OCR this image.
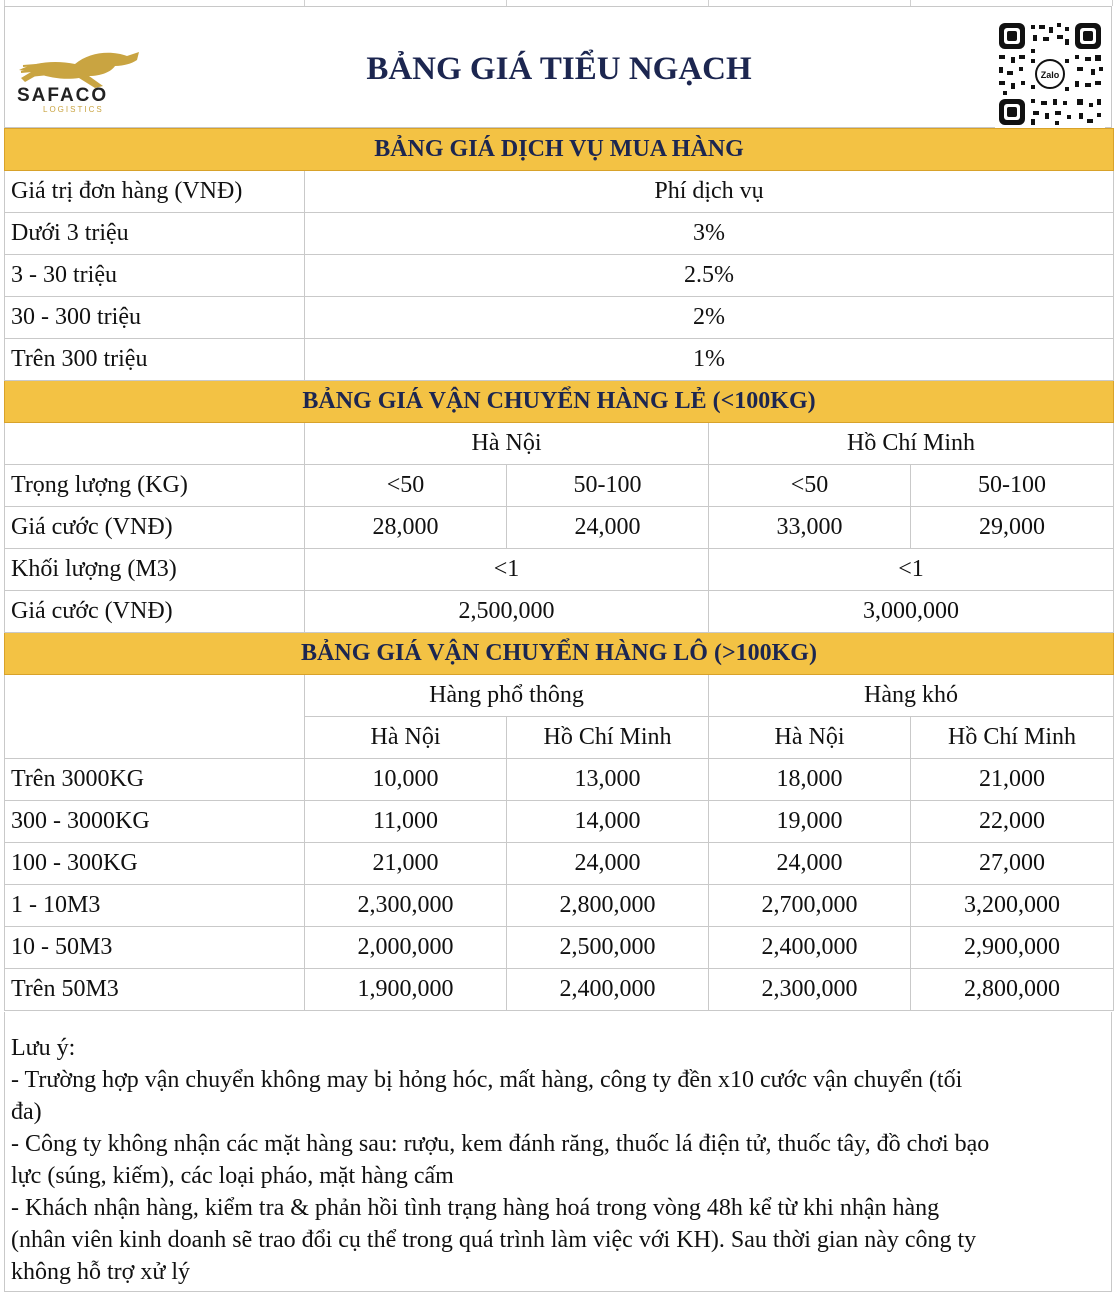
SAFACO
LOGISTICS
BẢNG GIÁ TIỂU NGẠCH	Zalo
BẢNG GIÁ DỊCH VỤ MUA HÀNG				
Giá trị đơn hàng (VNĐ)	Phí dịch vụ			
Dưới 3 triệu	3%			
3 - 30 triệu	2.5%			
30 - 300 triệu	2%			
Trên 300 triệu	1%			
BẢNG GIÁ VẬN CHUYỂN HÀNG LẺ (<100KG)				
	Hà Nội		Hồ Chí Minh	
Trọng lượng (KG)	<50	50-100	<50	50-100
Giá cước (VNĐ)	28,000	24,000	33,000	29,000
Khối lượng (M3)	<1		<1	
Giá cước (VNĐ)	2,500,000		3,000,000	
BẢNG GIÁ VẬN CHUYỂN HÀNG LÔ (>100KG)				
	Hàng phổ thông		Hàng khó	
	Hà Nội	Hồ Chí Minh	Hà Nội	Hồ Chí Minh
Trên 3000KG	10,000	13,000	18,000	21,000
300 - 3000KG	11,000	14,000	19,000	22,000
100 - 300KG	21,000	24,000	24,000	27,000
1 - 10M3	2,300,000	2,800,000	2,700,000	3,200,000
10 - 50M3	2,000,000	2,500,000	2,400,000	2,900,000
Trên 50M3	1,900,000	2,400,000	2,300,000	2,800,000
Lưu ý:
- Trường hợp vận chuyển không may bị hỏng hóc, mất hàng, công ty đền x10 cước vận chuyển (tối
đa)
- Công ty không nhận các mặt hàng sau: rượu, kem đánh răng, thuốc lá điện tử, thuốc tây, đồ chơi bạo
lực (súng, kiếm), các loại pháo, mặt hàng cấm
- Khách nhận hàng, kiểm tra & phản hồi tình trạng hàng hoá trong vòng 48h kể từ khi nhận hàng
(nhân viên kinh doanh sẽ trao đổi cụ thể trong quá trình làm việc với KH). Sau thời gian này công ty
không hỗ trợ xử lý
